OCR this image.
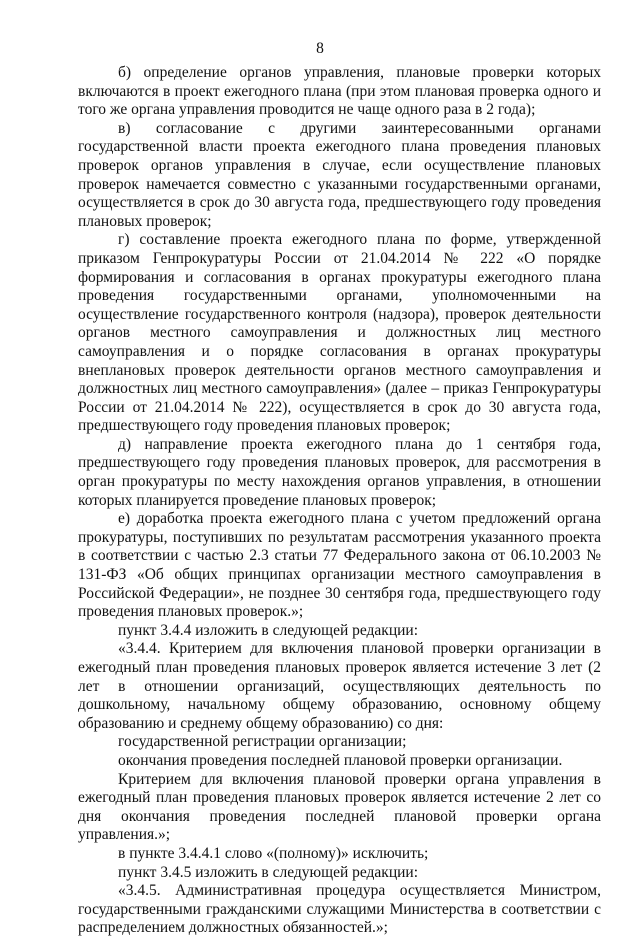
8

б) определение органов управления, плановые проверки которых включаются в проект ежегодного плана (при этом плановая проверка одного и того же органа управления проводится не чаще одного раза в 2 года);

в) согласование с другими заинтересованными органами государственной власти проекта ежегодного плана проведения плановых проверок органов управления в случае, если осуществление плановых проверок намечается совместно с указанными государственными органами, осуществляется в срок до 30 августа года, предшествующего году проведения плановых проверок;

г) составление проекта ежегодного плана по форме, утвержденной приказом Генпрокуратуры России от 21.04.2014 № 222 «О порядке формирования и согласования в органах прокуратуры ежегодного плана проведения государственными органами, уполномоченными на осуществление государственного контроля (надзора), проверок деятельности органов местного самоуправления и должностных лиц местного самоуправления и о порядке согласования в органах прокуратуры внеплановых проверок деятельности органов местного самоуправления и должностных лиц местного самоуправления» (далее – приказ Генпрокуратуры России от 21.04.2014 № 222), осуществляется в срок до 30 августа года, предшествующего году проведения плановых проверок;

д) направление проекта ежегодного плана до 1 сентября года, предшествующего году проведения плановых проверок, для рассмотрения в орган прокуратуры по месту нахождения органов управления, в отношении которых планируется проведение плановых проверок;

е) доработка проекта ежегодного плана с учетом предложений органа прокуратуры, поступивших по результатам рассмотрения указанного проекта в соответствии с частью 2.3 статьи 77 Федерального закона от 06.10.2003 № 131-ФЗ «Об общих принципах организации местного самоуправления в Российской Федерации», не позднее 30 сентября года, предшествующего году проведения плановых проверок.»;

пункт 3.4.4 изложить в следующей редакции:

«3.4.4. Критерием для включения плановой проверки организации в ежегодный план проведения плановых проверок является истечение 3 лет (2 лет в отношении организаций, осуществляющих деятельность по дошкольному, начальному общему образованию, основному общему образованию и среднему общему образованию) со дня:

государственной регистрации организации;

окончания проведения последней плановой проверки организации.

Критерием для включения плановой проверки органа управления в ежегодный план проведения плановых проверок является истечение 2 лет со дня окончания проведения последней плановой проверки органа управления.»;

в пункте 3.4.4.1 слово «(полному)» исключить;

пункт 3.4.5 изложить в следующей редакции:

«3.4.5. Административная процедура осуществляется Министром, государственными гражданскими служащими Министерства в соответствии с распределением должностных обязанностей.»;
